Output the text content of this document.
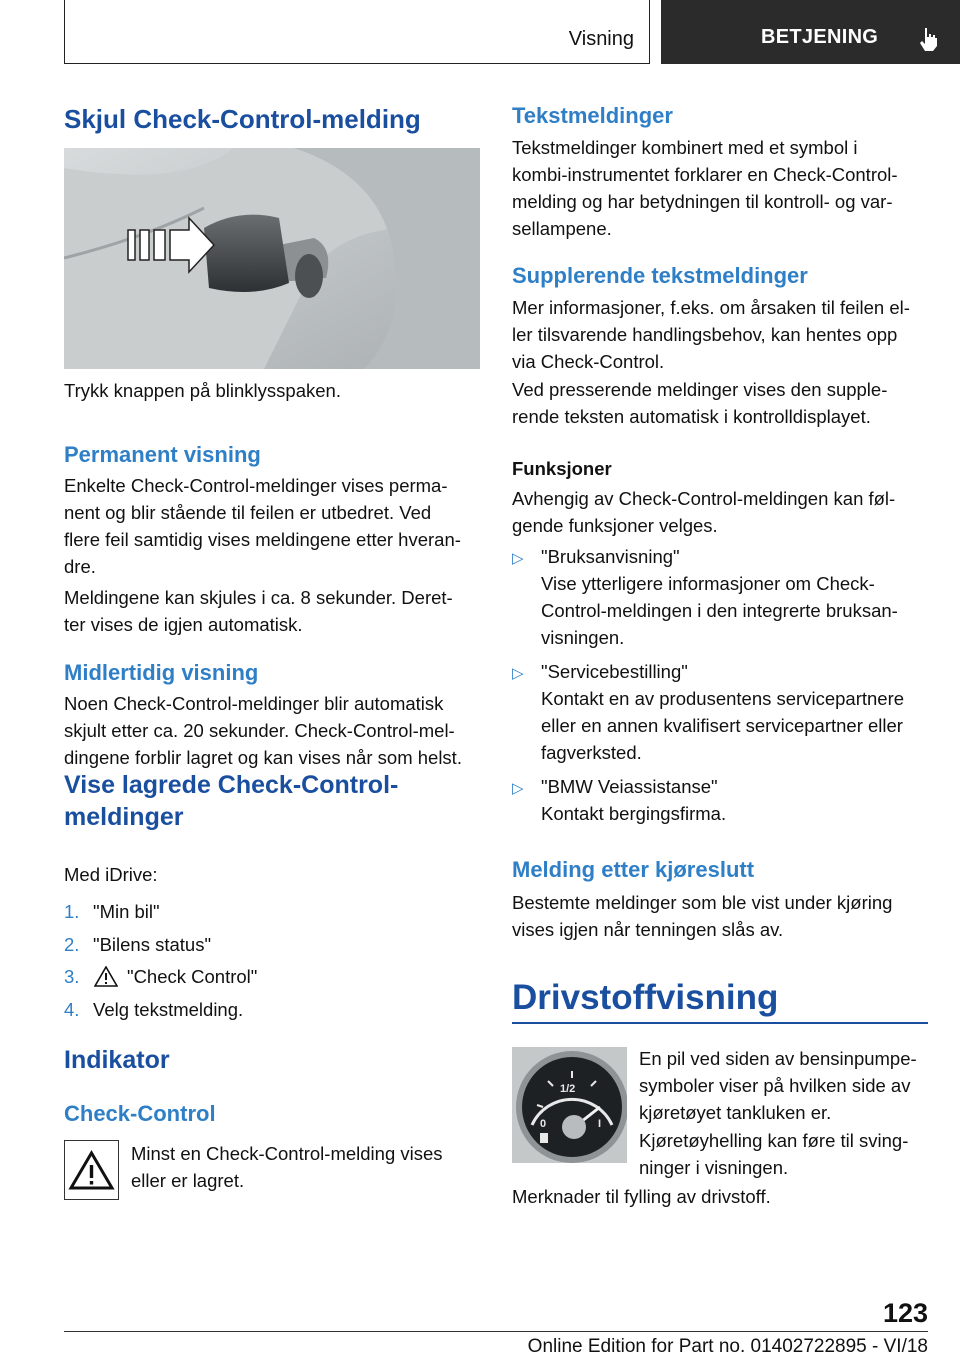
Visning	BETJENING
Skjul Check-Control-melding
Trykk knappen på blinklysspaken.
Permanent visning
Enkelte Check-Control-meldinger vises perma-
nent og blir stående til feilen er utbedret. Ved
flere feil samtidig vises meldingene etter hveran-
dre.
Meldingene kan skjules i ca. 8 sekunder. Deret-
ter vises de igjen automatisk.
Midlertidig visning
Noen Check-Control-meldinger blir automatisk
skjult etter ca. 20 sekunder. Check-Control-mel-
dingene forblir lagret og kan vises når som helst.
Vise lagrede Check-Control-
meldinger
Med iDrive:
1. "Min bil"
2. "Bilens status"
3.	"Check Control"
4. Velg tekstmelding.
Indikator
Check-Control
Minst en Check-Control-melding vises
eller er lagret.
Tekstmeldinger
Tekstmeldinger kombinert med et symbol i
kombi-instrumentet forklarer en Check-Control-
melding og har betydningen til kontroll- og var-
sellampene.
Supplerende tekstmeldinger
Mer informasjoner, f.eks. om årsaken til feilen el-
ler tilsvarende handlingsbehov, kan hentes opp
via Check-Control.
Ved presserende meldinger vises den supple-
rende teksten automatisk i kontrolldisplayet.
Funksjoner
Avhengig av Check-Control-meldingen kan føl-
gende funksjoner velges.
▷ "Bruksanvisning"
Vise ytterligere informasjoner om Check-
Control-meldingen i den integrerte bruksan-
visningen.
▷ "Servicebestilling"
Kontakt en av produsentens servicepartnere
eller en annen kvalifisert servicepartner eller
fagverksted.
▷ "BMW Veiassistanse"
Kontakt bergingsfirma.
Melding etter kjøreslutt
Bestemte meldinger som ble vist under kjøring
vises igjen når tenningen slås av.
Drivstoffvisning
1/2
0	I
En pil ved siden av bensinpumpe-
symboler viser på hvilken side av
kjøretøyet tankluken er.
Kjøretøyhelling kan føre til sving-
ninger i visningen.
Merknader til fylling av drivstoff.
123
Online Edition for Part no. 01402722895 - VI/18
